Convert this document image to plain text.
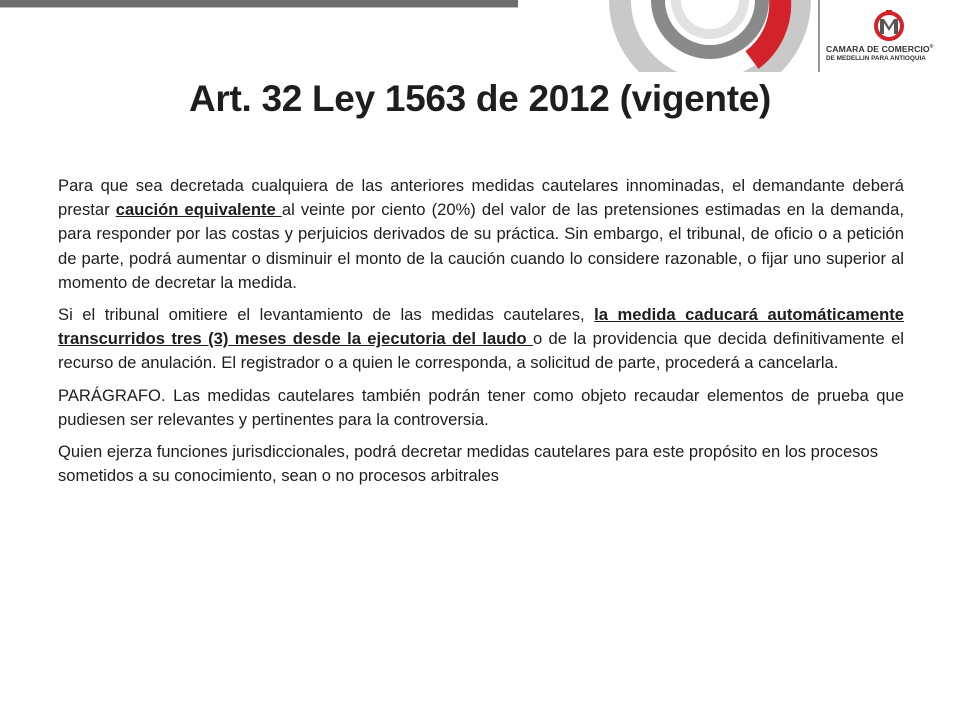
CAMARA DE COMERCIO®
DE MEDELLIN PARA ANTIOQUIA
Art. 32 Ley 1563 de 2012 (vigente)

Para que sea decretada cualquiera de las anteriores medidas cautelares innominadas, el demandante deberá prestar caución equivalente al veinte por ciento (20%) del valor de las pretensiones estimadas en la demanda, para responder por las costas y perjuicios derivados de su práctica. Sin embargo, el tribunal, de oficio o a petición de parte, podrá aumentar o disminuir el monto de la caución cuando lo considere razonable, o fijar uno superior al momento de decretar la medida.

Si el tribunal omitiere el levantamiento de las medidas cautelares, la medida caducará automáticamente transcurridos tres (3) meses desde la ejecutoria del laudo o de la providencia que decida definitivamente el recurso de anulación. El registrador o a quien le corresponda, a solicitud de parte, procederá a cancelarla.

PARÁGRAFO. Las medidas cautelares también podrán tener como objeto recaudar elementos de prueba que pudiesen ser relevantes y pertinentes para la controversia.

Quien ejerza funciones jurisdiccionales, podrá decretar medidas cautelares para este propósito en los procesos sometidos a su conocimiento, sean o no procesos arbitrales
